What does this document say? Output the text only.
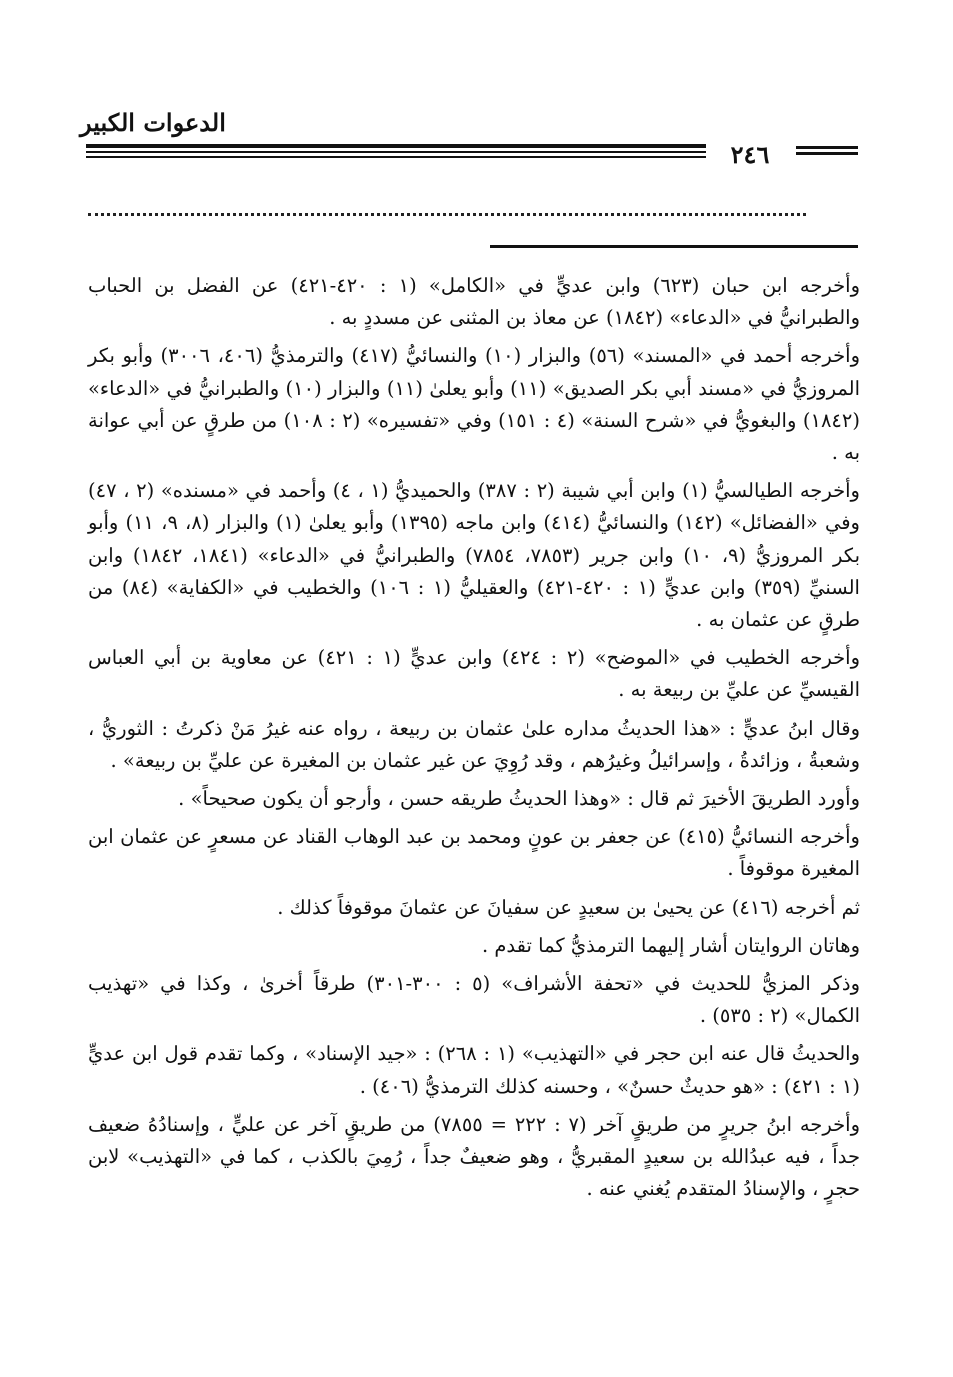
الدعوات الكبير
٢٤٦

وأخرجه ابن حبان (٦٢٣) وابن عديٍّ في «الكامل» (١ : ٤٢٠-٤٢١) عن الفضل بن الحباب والطبرانيُّ في «الدعاء» (١٨٤٢) عن معاذ بن المثنى عن مسددٍ به .

وأخرجه أحمد في «المسند» (٥٦) والبزار (١٠) والنسائيُّ (٤١٧) والترمذيُّ (٤٠٦، ٣٠٠٦) وأبو بكر المروزيُّ في «مسند أبي بكر الصديق» (١١) وأبو يعلىٰ (١١) والبزار (١٠) والطبرانيُّ في «الدعاء» (١٨٤٢) والبغويُّ في «شرح السنة» (٤ : ١٥١) وفي «تفسيره» (٢ : ١٠٨) من طرقٍ عن أبي عوانة به .

وأخرجه الطيالسيُّ (١) وابن أبي شيبة (٢ : ٣٨٧) والحميديُّ (١ ، ٤) وأحمد في «مسنده» (٢ ، ٤٧) وفي «الفضائل» (١٤٢) والنسائيُّ (٤١٤) وابن ماجه (١٣٩٥) وأبو يعلىٰ (١) والبزار (٨، ٩، ١١) وأبو بكر المروزيُّ (٩، ١٠) وابن جرير (٧٨٥٣، ٧٨٥٤) والطبرانيُّ في «الدعاء» (١٨٤١، ١٨٤٢) وابن السنيِّ (٣٥٩) وابن عديٍّ (١ : ٤٢٠-٤٢١) والعقيليُّ (١ : ١٠٦) والخطيب في «الكفاية» (٨٤) من طرقٍ عن عثمان به .

وأخرجه الخطيب في «الموضح» (٢ : ٤٢٤) وابن عديٍّ (١ : ٤٢١) عن معاوية بن أبي العباس القيسيِّ عن عليِّ بن ربيعة به .

وقال ابنُ عديٍّ : «هذا الحديثُ مداره علىٰ عثمان بن ربيعة ، رواه عنه غيرُ مَنْ ذكرتُ : الثوريُّ ، وشعبةُ ، وزائدةُ ، وإسرائيلُ وغيرُهم ، وقد رُوِيَ عن غير عثمان بن المغيرة عن عليِّ بن ربيعة» .

وأورد الطريقَ الأخيرَ ثم قال : «وهذا الحديثُ طريقه حسن ، وأرجو أن يكون صحيحاً» .

وأخرجه النسائيُّ (٤١٥) عن جعفر بن عونٍ ومحمد بن عبد الوهاب القناد عن مسعرٍ عن عثمان ابن المغيرة موقوفاً .

ثم أخرجه (٤١٦) عن يحيىٰ بن سعيدٍ عن سفيانَ عن عثمانَ موقوفاً كذلك .

وهاتان الروايتان أشار إليهما الترمذيُّ كما تقدم .

وذكر المزيُّ للحديث في «تحفة الأشراف» (٥ : ٣٠٠-٣٠١) طرقاً أخرىٰ ، وكذا في «تهذيب الكمال» (٢ : ٥٣٥) .

والحديثُ قال عنه ابن حجر في «التهذيب» (١ : ٢٦٨) : «جيد الإسناد» ، وكما تقدم قول ابن عديٍّ (١ : ٤٢١) : «هو حديثٌ حسنٌ» ، وحسنه كذلك الترمذيُّ (٤٠٦) .

وأخرجه ابنُ جريرٍ من طريقٍ آخر (٧ : ٢٢٢ = ٧٨٥٥) من طريقٍ آخر عن عليٍّ ، وإسنادُهُ ضعيف جداً ، فيه عبدُالله بن سعيدٍ المقبريُّ ، وهو ضعيفٌ جداً ، رُمِيَ بالكذب ، كما في «التهذيب» لابن حجرٍ ، والإسنادُ المتقدم يُغني عنه .
